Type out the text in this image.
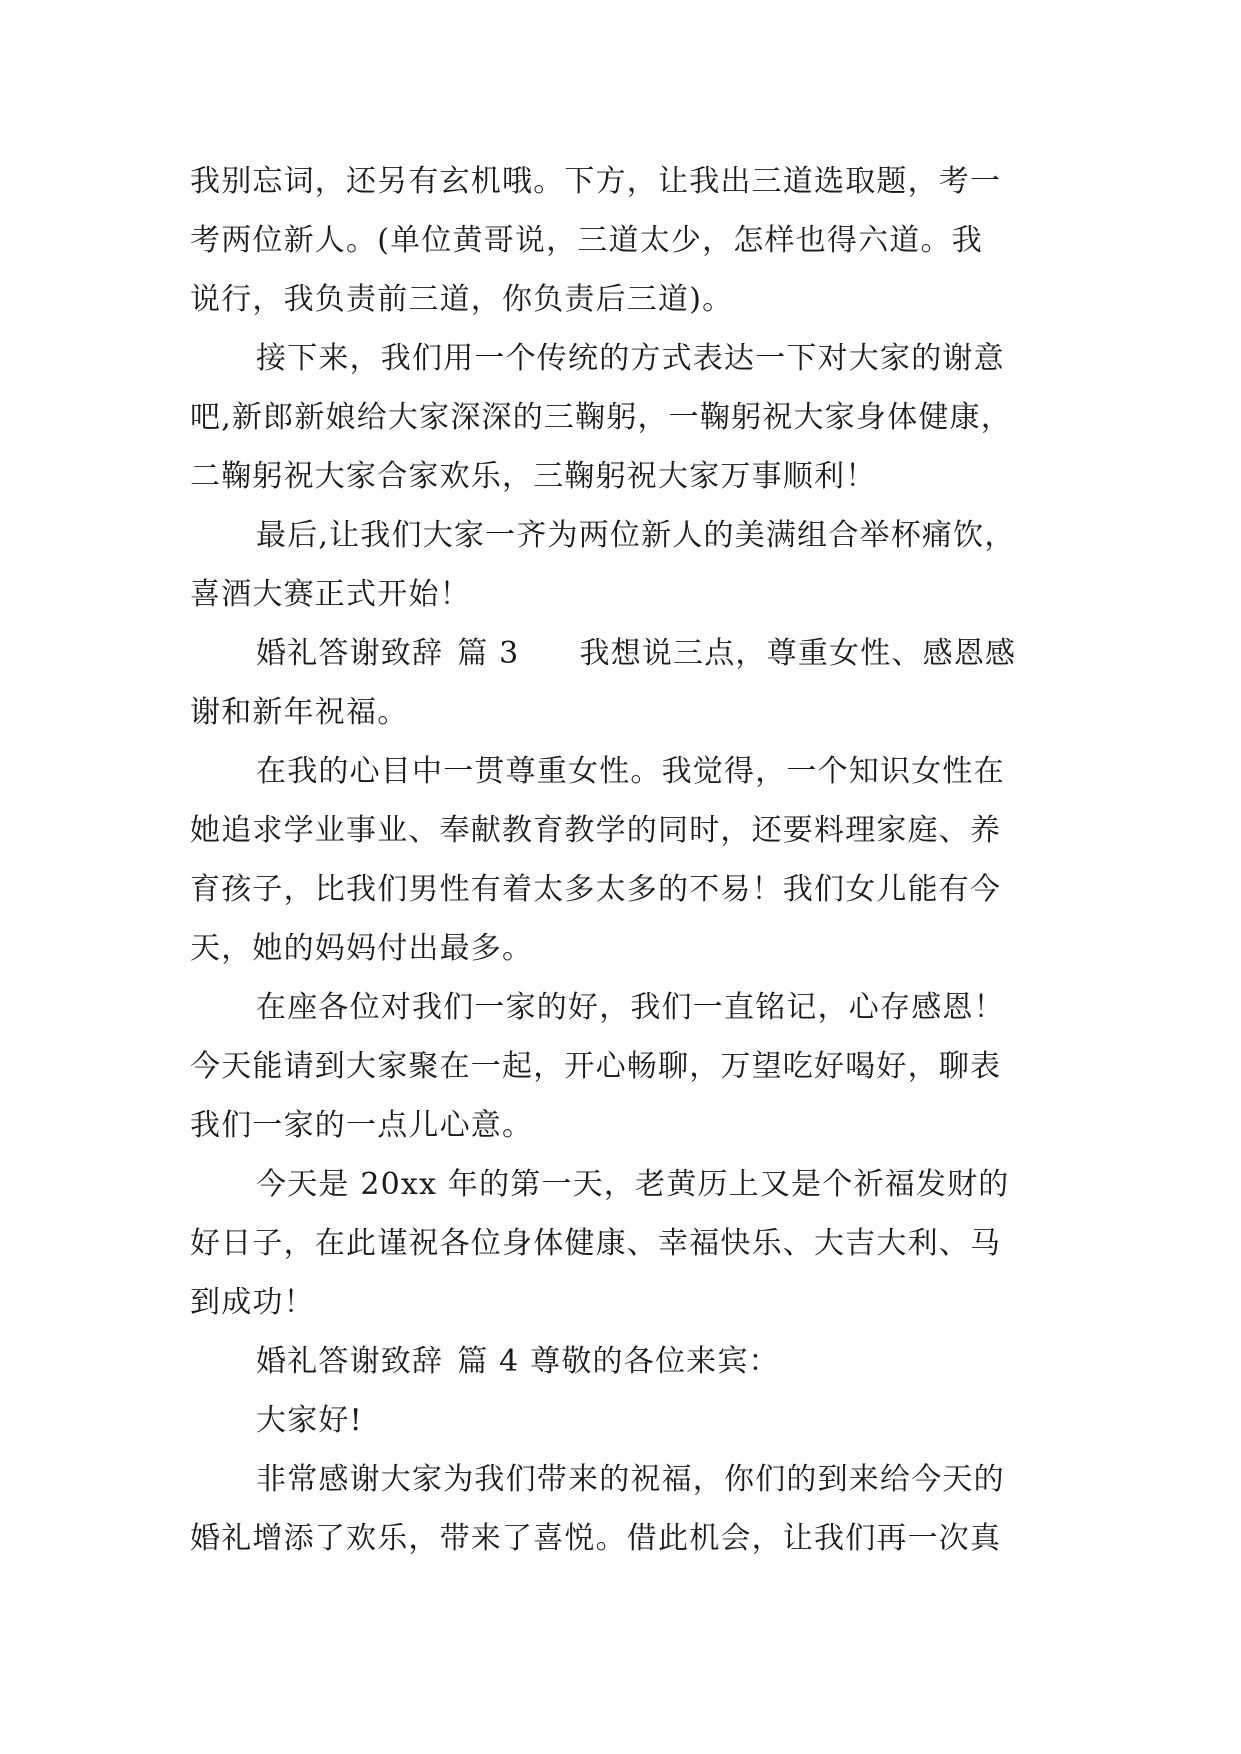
我别忘词，还另有玄机哦。下方，让我出三道选取题，考一
考两位新人。(单位黄哥说，三道太少，怎样也得六道。我
说行，我负责前三道，你负责后三道)。
接下来，我们用一个传统的方式表达一下对大家的谢意
吧,新郎新娘给大家深深的三鞠躬，一鞠躬祝大家身体健康，
二鞠躬祝大家合家欢乐，三鞠躬祝大家万事顺利！
最后,让我们大家一齐为两位新人的美满组合举杯痛饮，
喜酒大赛正式开始！
婚礼答谢致辞 篇 3 我想说三点，尊重女性、感恩感
谢和新年祝福。
在我的心目中一贯尊重女性。我觉得，一个知识女性在
她追求学业事业、奉献教育教学的同时，还要料理家庭、养
育孩子，比我们男性有着太多太多的不易！我们女儿能有今
天，她的妈妈付出最多。
在座各位对我们一家的好，我们一直铭记，心存感恩！
今天能请到大家聚在一起，开心畅聊，万望吃好喝好，聊表
我们一家的一点儿心意。
今天是 20xx 年的第一天，老黄历上又是个祈福发财的
好日子，在此谨祝各位身体健康、幸福快乐、大吉大利、马
到成功！
婚礼答谢致辞 篇 4 尊敬的各位来宾：
大家好!
非常感谢大家为我们带来的祝福，你们的到来给今天的
婚礼增添了欢乐，带来了喜悦。借此机会，让我们再一次真
